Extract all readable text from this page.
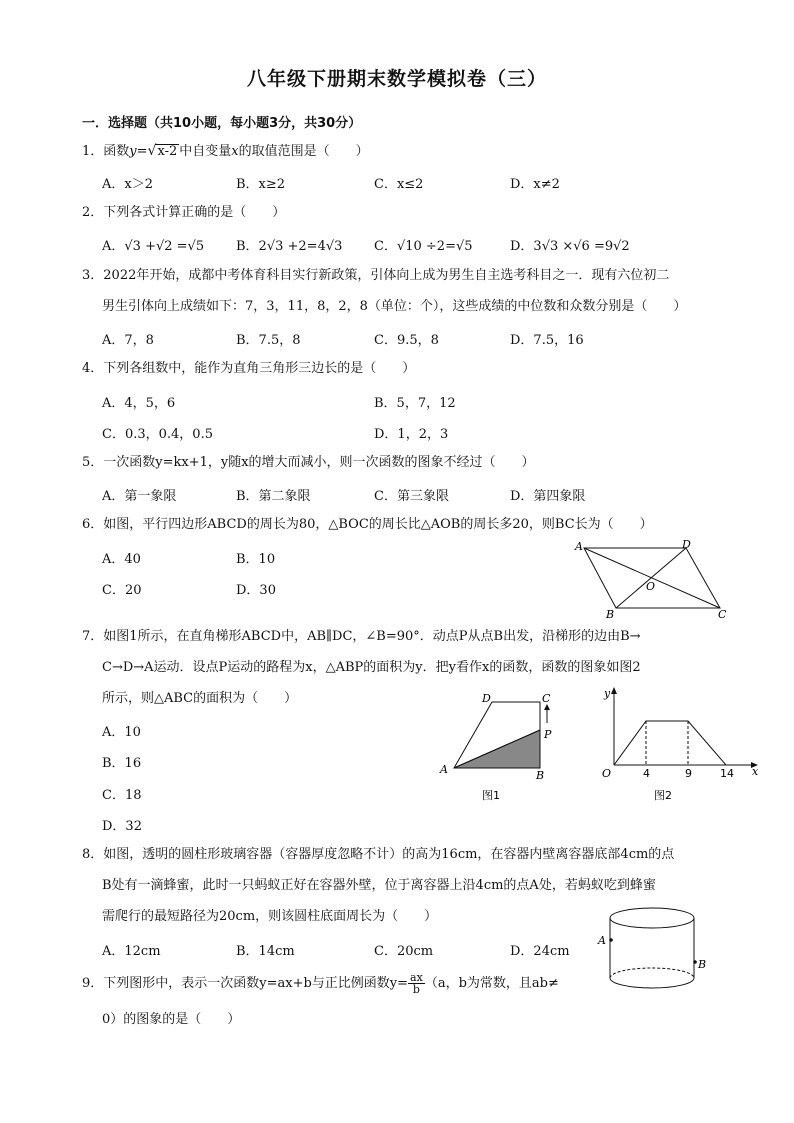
八年级下册期末数学模拟卷（三）
一．选择题（共10小题，每小题3分，共30分）
1．函数y=√x-2 中自变量x的取值范围是（　　）
A．x＞2	B．x≥2	C．x≤2	D．x≠2
2．下列各式计算正确的是（　　）
A．√3 +√2 =√5 B．2√3 +2=4√3 C．√10 ÷2=√5	D．3√3 ×√6 =9√2
3．2022年开始，成都中考体育科目实行新政策，引体向上成为男生自主选考科目之一．现有六位初二
男生引体向上成绩如下：7，3，11，8，2，8（单位：个），这些成绩的中位数和众数分别是（　　）
A．7，8	B．7.5，8	C．9.5，8	D．7.5，16
4．下列各组数中，能作为直角三角形三边长的是（　　）
A．4，5，6	B．5，7，12
C．0.3，0.4，0.5	D．1，2，3
5．一次函数y=kx+1，y随x的增大而减小，则一次函数的图象不经过（　　）
A．第一象限	B．第二象限	C．第三象限	D．第四象限
6．如图，平行四边形ABCD的周长为80，△BOC的周长比△AOB的周长多20，则BC长为（　　）
A．40	B．10
C．20	D．30
A	D
B	C
O
7．如图1所示，在直角梯形ABCD中，AB∥DC，∠B=90°．动点P从点B出发，沿梯形的边由B→
C→D→A运动．设点P运动的路程为x，△ABP的面积为y．把y看作x的函数，函数的图象如图2
所示，则△ABC的面积为（　　）
A．10
B．16
C．18
D．32
D	C
P
A	B
图1
y
x
O	4	9	14
图2
8．如图，透明的圆柱形玻璃容器（容器厚度忽略不计）的高为16cm，在容器内壁离容器底部4cm的点
B处有一滴蜂蜜，此时一只蚂蚁正好在容器外壁，位于离容器上沿4cm的点A处，若蚂蚁吃到蜂蜜
需爬行的最短路径为20cm，则该圆柱底面周长为（　　）
A．12cm	B．14cm	C．20cm	D．24cm
A
B
9．下列图形中，表示一次函数y=ax+b与正比例函数$y= \frac{ax}{b} (a$，b为常数，且ab≠
0）的图象的是（　　）
